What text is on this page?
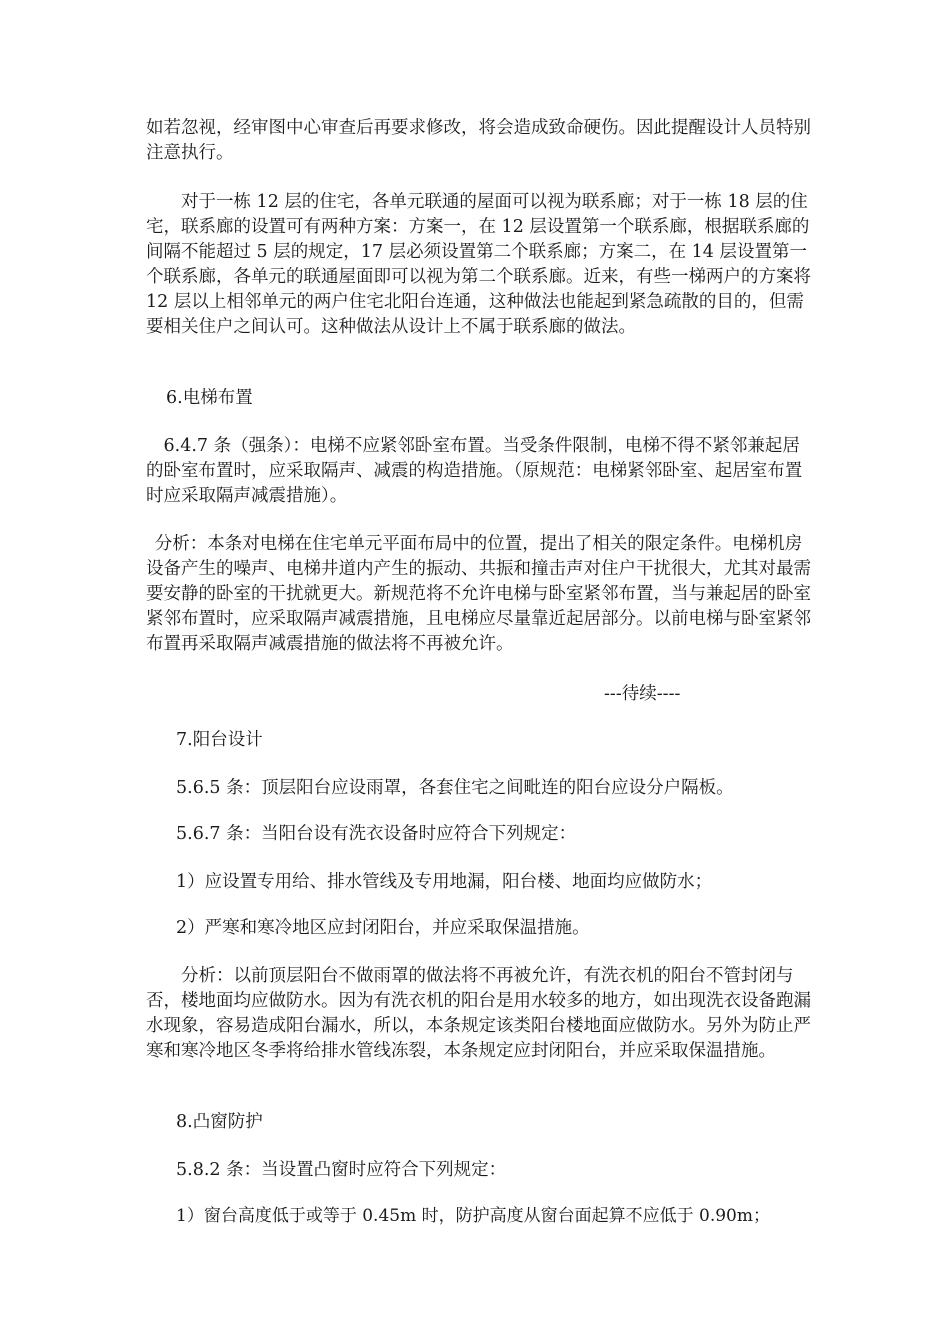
如若忽视，经审图中心审查后再要求修改，将会造成致命硬伤。因此提醒设计人员特别注意执行。

对于一栋 12 层的住宅，各单元联通的屋面可以视为联系廊；对于一栋 18 层的住宅，联系廊的设置可有两种方案：方案一，在 12 层设置第一个联系廊，根据联系廊的间隔不能超过 5 层的规定，17 层必须设置第二个联系廊；方案二，在 14 层设置第一个联系廊，各单元的联通屋面即可以视为第二个联系廊。近来，有些一梯两户的方案将 12 层以上相邻单元的两户住宅北阳台连通，这种做法也能起到紧急疏散的目的，但需要相关住户之间认可。这种做法从设计上不属于联系廊的做法。

6.电梯布置

6.4.7 条（强条）：电梯不应紧邻卧室布置。当受条件限制，电梯不得不紧邻兼起居的卧室布置时，应采取隔声、减震的构造措施。（原规范：电梯紧邻卧室、起居室布置时应采取隔声减震措施）。

分析：本条对电梯在住宅单元平面布局中的位置，提出了相关的限定条件。电梯机房设备产生的噪声、电梯井道内产生的振动、共振和撞击声对住户干扰很大，尤其对最需要安静的卧室的干扰就更大。新规范将不允许电梯与卧室紧邻布置，当与兼起居的卧室紧邻布置时，应采取隔声减震措施，且电梯应尽量靠近起居部分。以前电梯与卧室紧邻布置再采取隔声减震措施的做法将不再被允许。

---待续----

7.阳台设计

5.6.5 条：顶层阳台应设雨罩，各套住宅之间毗连的阳台应设分户隔板。

5.6.7 条：当阳台设有洗衣设备时应符合下列规定：

1）应设置专用给、排水管线及专用地漏，阳台楼、地面均应做防水；

2）严寒和寒冷地区应封闭阳台，并应采取保温措施。

分析：以前顶层阳台不做雨罩的做法将不再被允许，有洗衣机的阳台不管封闭与否，楼地面均应做防水。因为有洗衣机的阳台是用水较多的地方，如出现洗衣设备跑漏水现象，容易造成阳台漏水，所以，本条规定该类阳台楼地面应做防水。另外为防止严寒和寒冷地区冬季将给排水管线冻裂，本条规定应封闭阳台，并应采取保温措施。

8.凸窗防护

5.8.2 条：当设置凸窗时应符合下列规定：

1）窗台高度低于或等于 0.45m 时，防护高度从窗台面起算不应低于 0.90m；
